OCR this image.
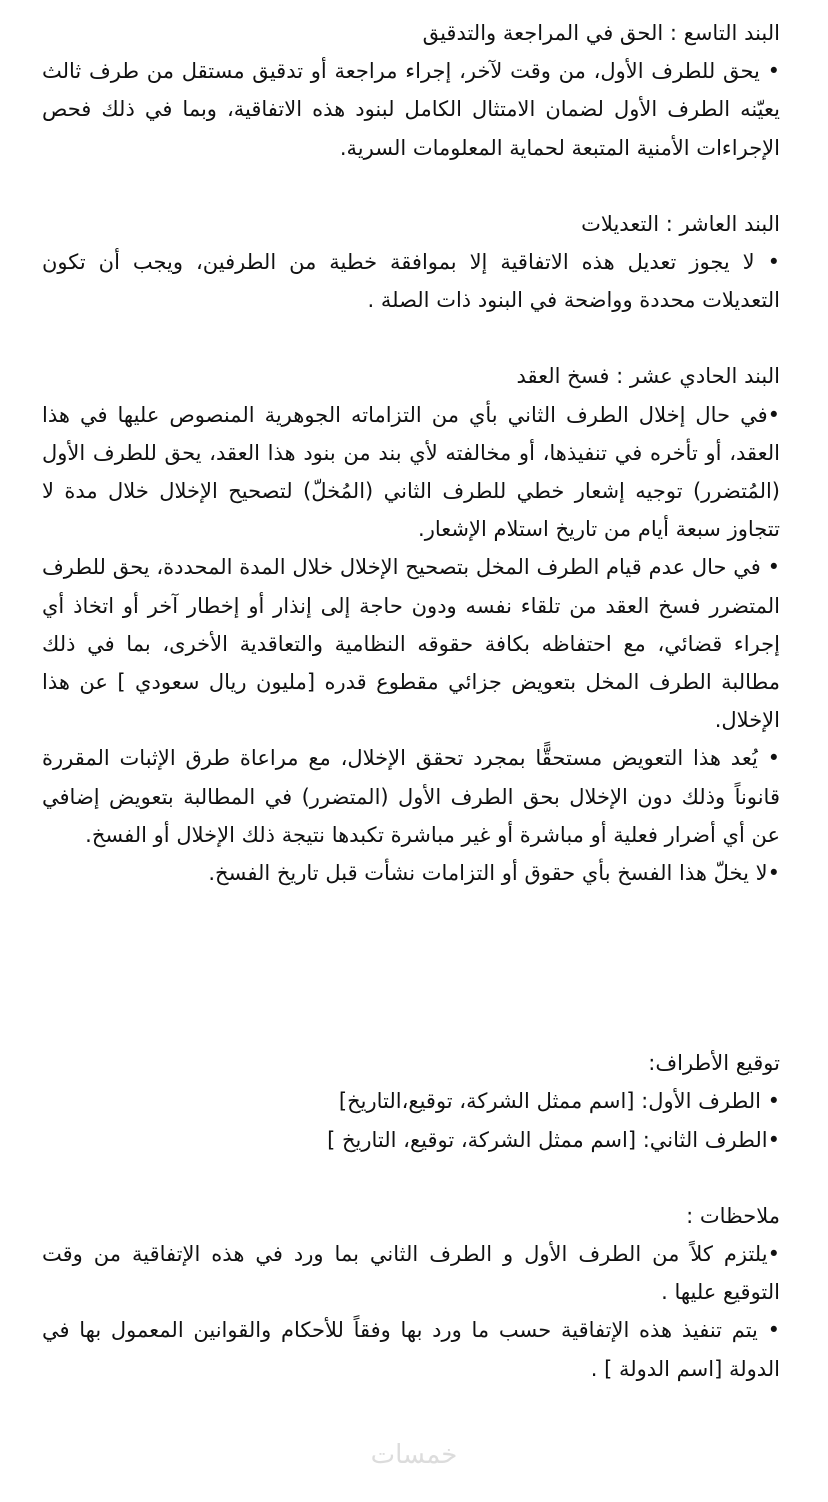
البند التاسع : الحق في المراجعة والتدقيق
• يحق للطرف الأول، من وقت لآخر، إجراء مراجعة أو تدقيق مستقل من طرف ثالث يعيّنه الطرف الأول لضمان الامتثال الكامل لبنود هذه الاتفاقية، وبما في ذلك فحص الإجراءات الأمنية المتبعة لحماية المعلومات السرية.
البند العاشر : التعديلات
• لا يجوز تعديل هذه الاتفاقية إلا بموافقة خطية من الطرفين، ويجب أن تكون التعديلات محددة وواضحة في البنود ذات الصلة .
البند الحادي عشر : فسخ العقد
•في حال إخلال الطرف الثاني بأي من التزاماته الجوهرية المنصوص عليها في هذا العقد، أو تأخره في تنفيذها، أو مخالفته لأي بند من بنود هذا العقد، يحق للطرف الأول (المُتضرر) توجيه إشعار خطي للطرف الثاني (المُخلّ) لتصحيح الإخلال خلال مدة لا تتجاوز سبعة أيام من تاريخ استلام الإشعار.
• في حال عدم قيام الطرف المخل بتصحيح الإخلال خلال المدة المحددة، يحق للطرف المتضرر فسخ العقد من تلقاء نفسه ودون حاجة إلى إنذار أو إخطار آخر أو اتخاذ أي إجراء قضائي، مع احتفاظه بكافة حقوقه النظامية والتعاقدية الأخرى، بما في ذلك مطالبة الطرف المخل بتعويض جزائي مقطوع قدره [مليون ريال سعودي ] عن هذا الإخلال.
• يُعد هذا التعويض مستحقًّا بمجرد تحقق الإخلال، مع مراعاة طرق الإثبات المقررة قانوناً وذلك دون الإخلال بحق الطرف الأول (المتضرر) في المطالبة بتعويض إضافي عن أي أضرار فعلية أو مباشرة أو غير مباشرة تكبدها نتيجة ذلك الإخلال أو الفسخ.
•لا يخلّ هذا الفسخ بأي حقوق أو التزامات نشأت قبل تاريخ الفسخ.
توقيع الأطراف:
• الطرف الأول: [اسم ممثل الشركة، توقيع،التاريخ]
•الطرف الثاني: [اسم ممثل الشركة، توقيع، التاريخ ]
ملاحظات :
•يلتزم كلاً من الطرف الأول و الطرف الثاني بما ورد في هذه الإتفاقية من وقت التوقيع عليها .
• يتم تنفيذ هذه الإتفاقية حسب ما ورد بها وفقاً للأحكام والقوانين المعمول بها في الدولة [اسم الدولة ] .
خمسات
